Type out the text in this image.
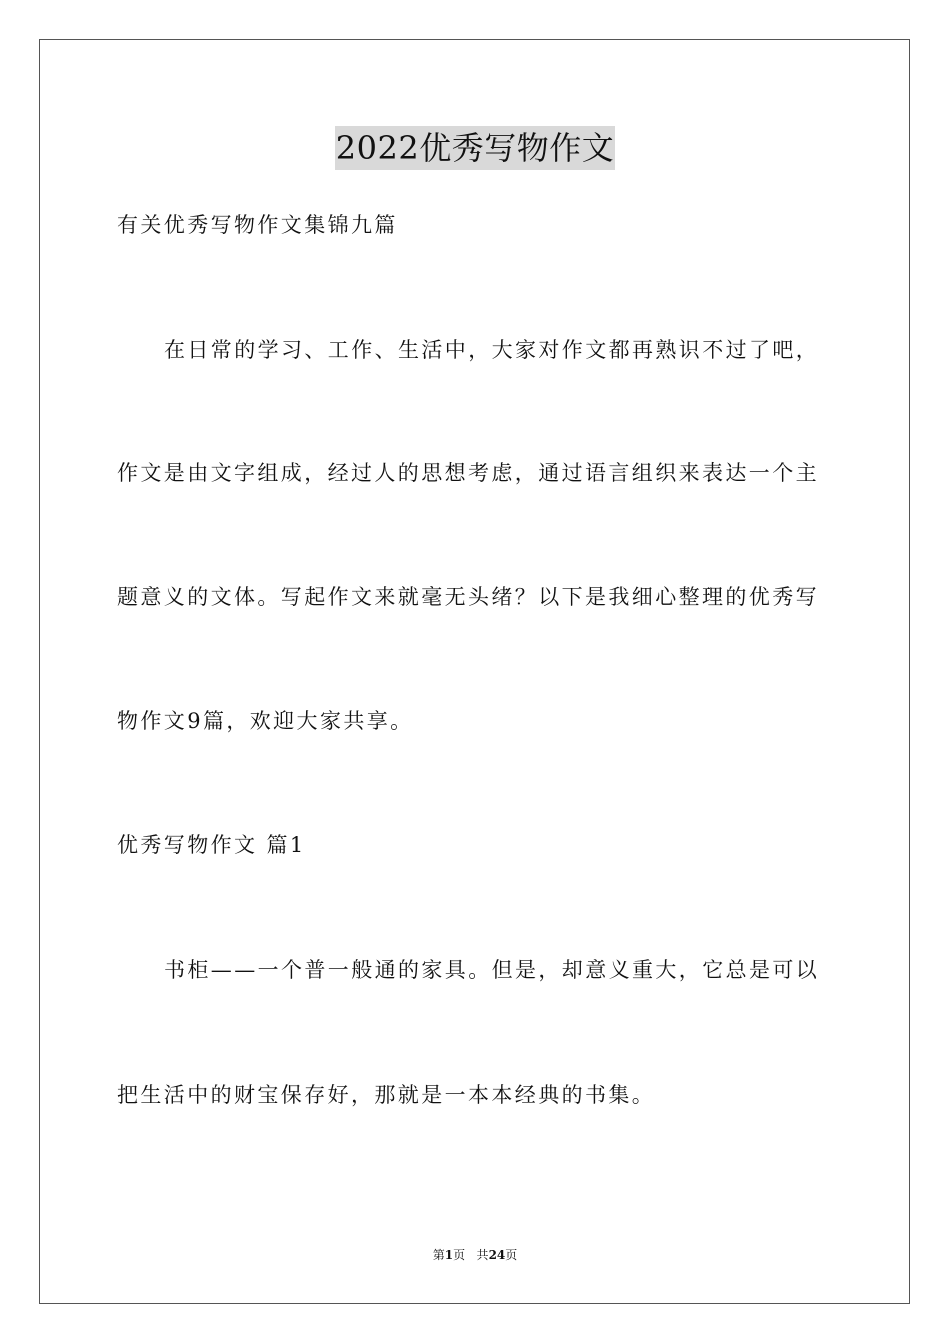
2022优秀写物作文
有关优秀写物作文集锦九篇
在日常的学习、工作、生活中，大家对作文都再熟识不过了吧，
作文是由文字组成，经过人的思想考虑，通过语言组织来表达一个主
题意义的文体。写起作文来就毫无头绪？以下是我细心整理的优秀写
物作文9篇，欢迎大家共享。
优秀写物作文 篇1
书柜——一个普一般通的家具。但是，却意义重大，它总是可以
把生活中的财宝保存好，那就是一本本经典的书集。
第1页 共24页
